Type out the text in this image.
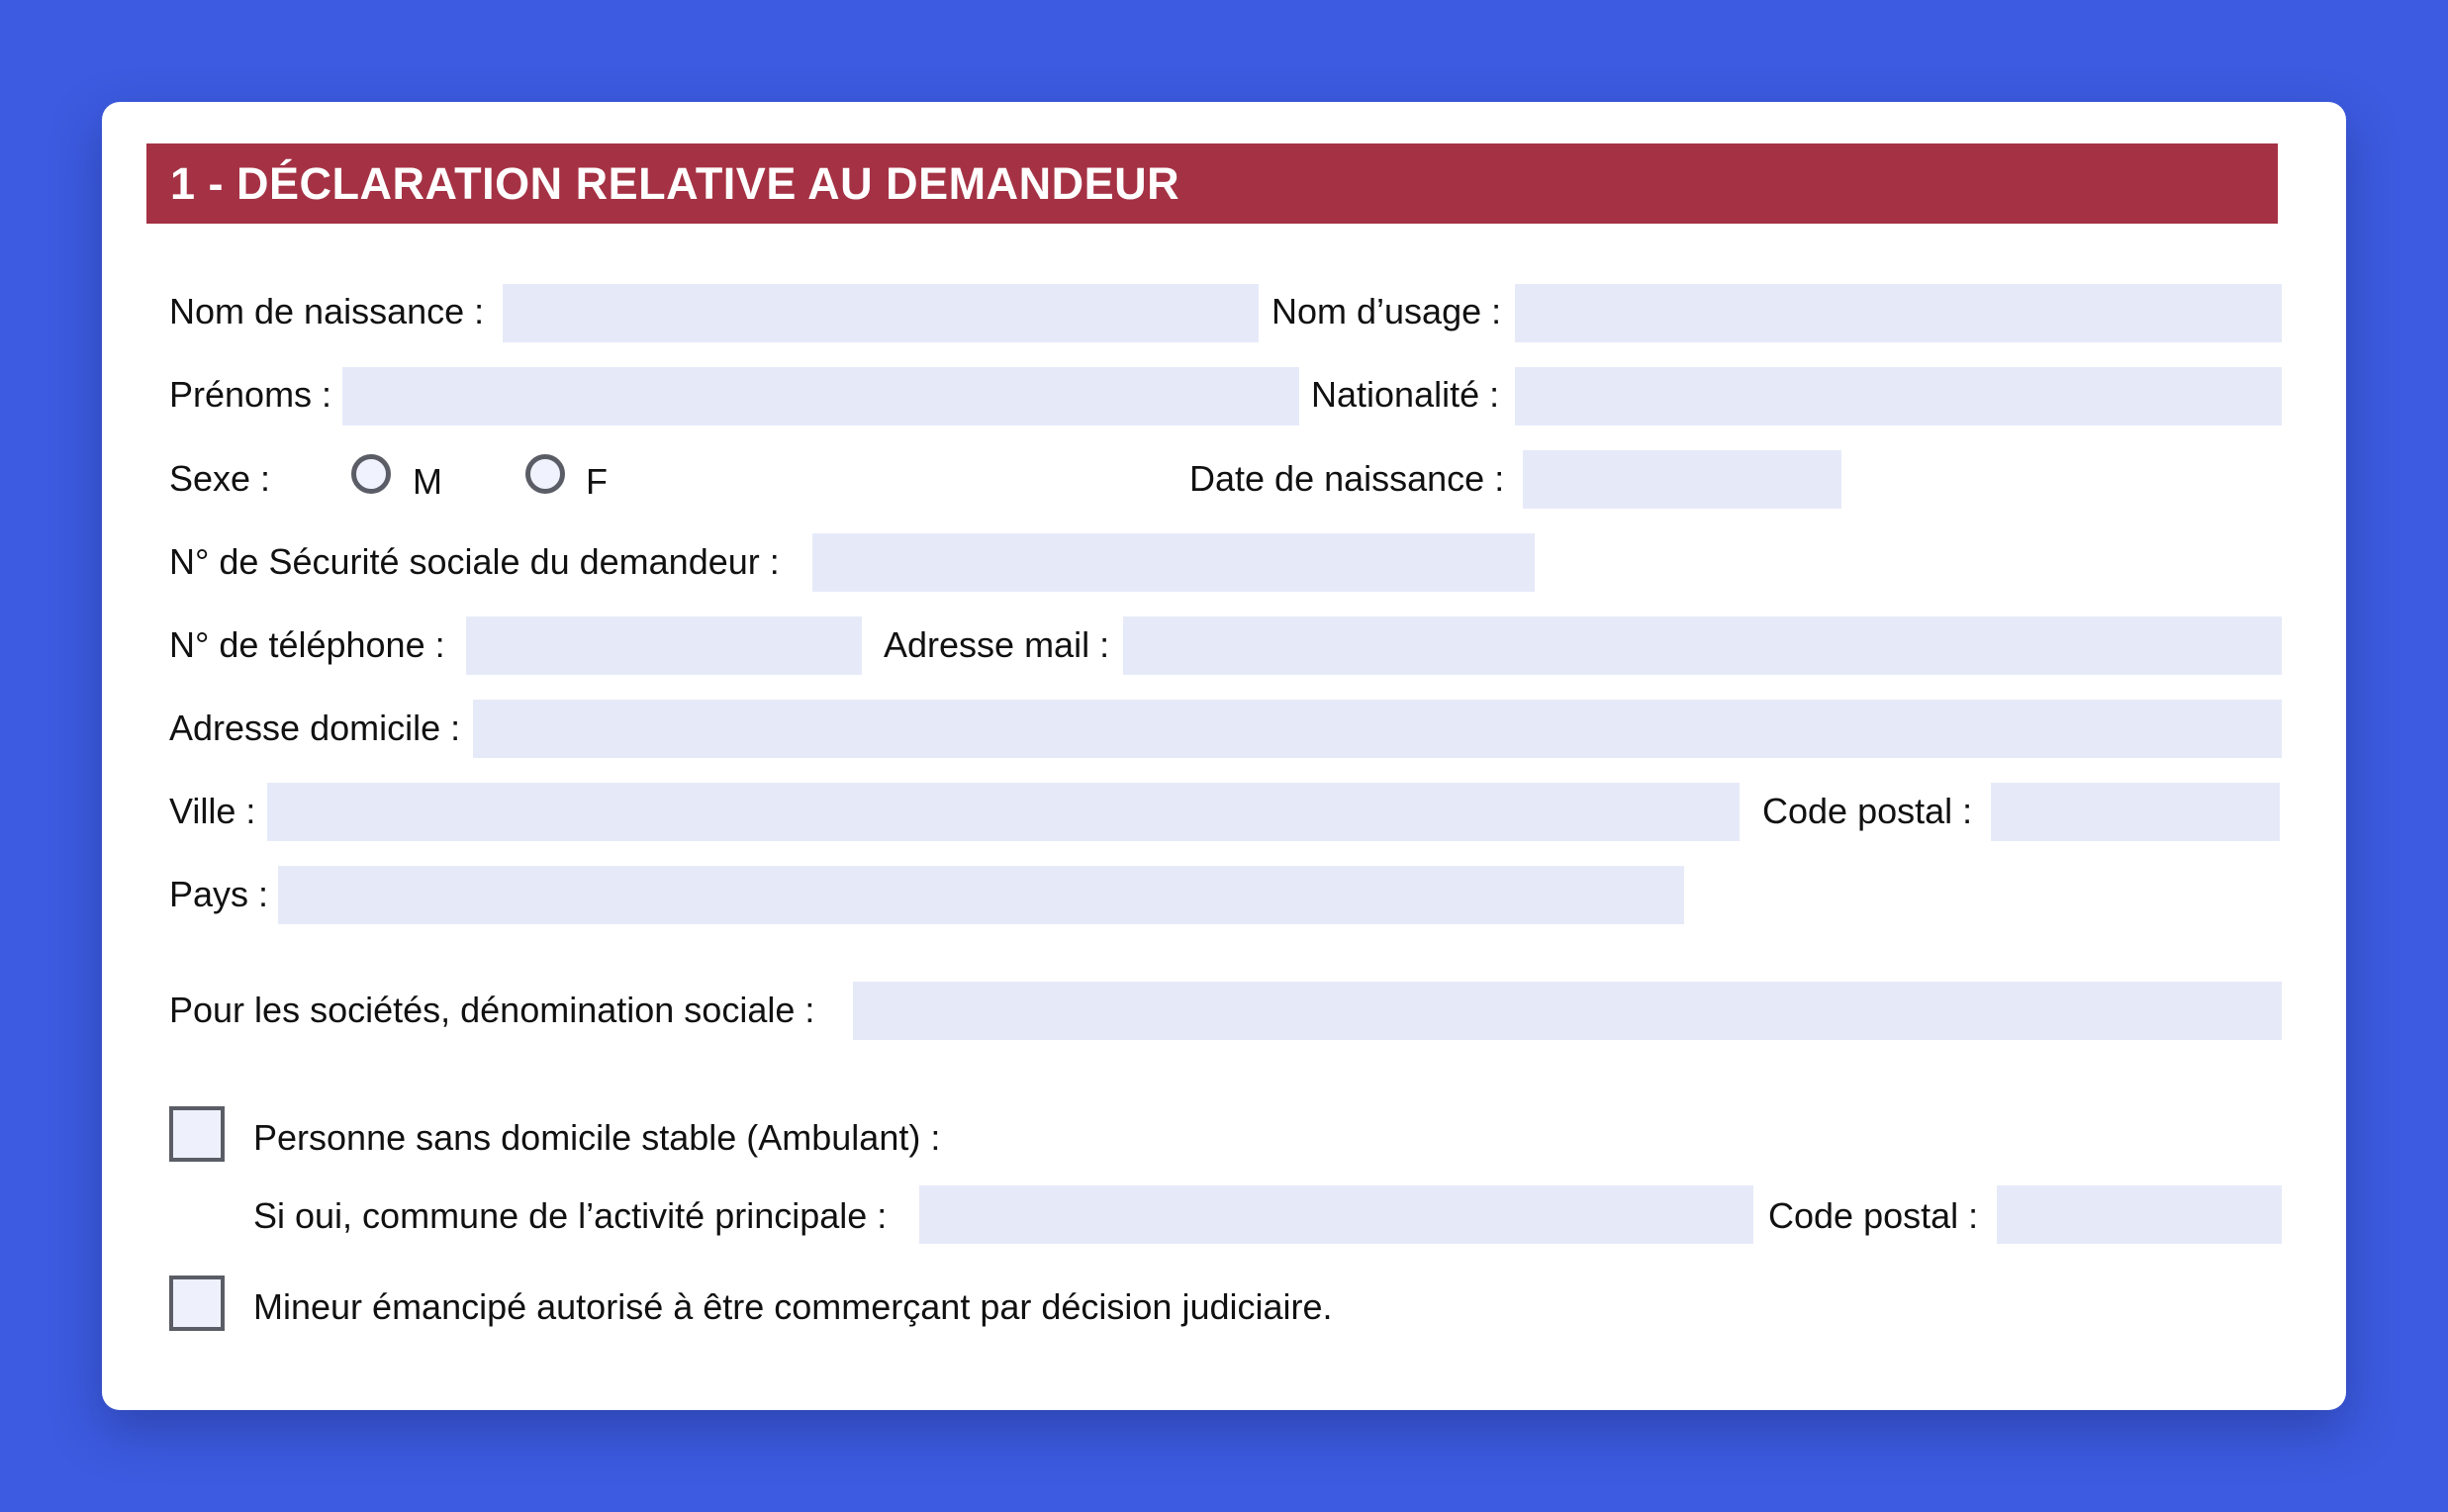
1 - DÉCLARATION RELATIVE AU DEMANDEUR
Nom de naissance :	Nom d’usage :
Prénoms :	Nationalité :
Sexe :	M	F	Date de naissance :
N° de Sécurité sociale du demandeur :
N° de téléphone :	Adresse mail :
Adresse domicile :
Ville :	Code postal :
Pays :
Pour les sociétés, dénomination sociale :
Personne sans domicile stable (Ambulant) :
Si oui, commune de l’activité principale :	Code postal :
Mineur émancipé autorisé à être commerçant par décision judiciaire.
